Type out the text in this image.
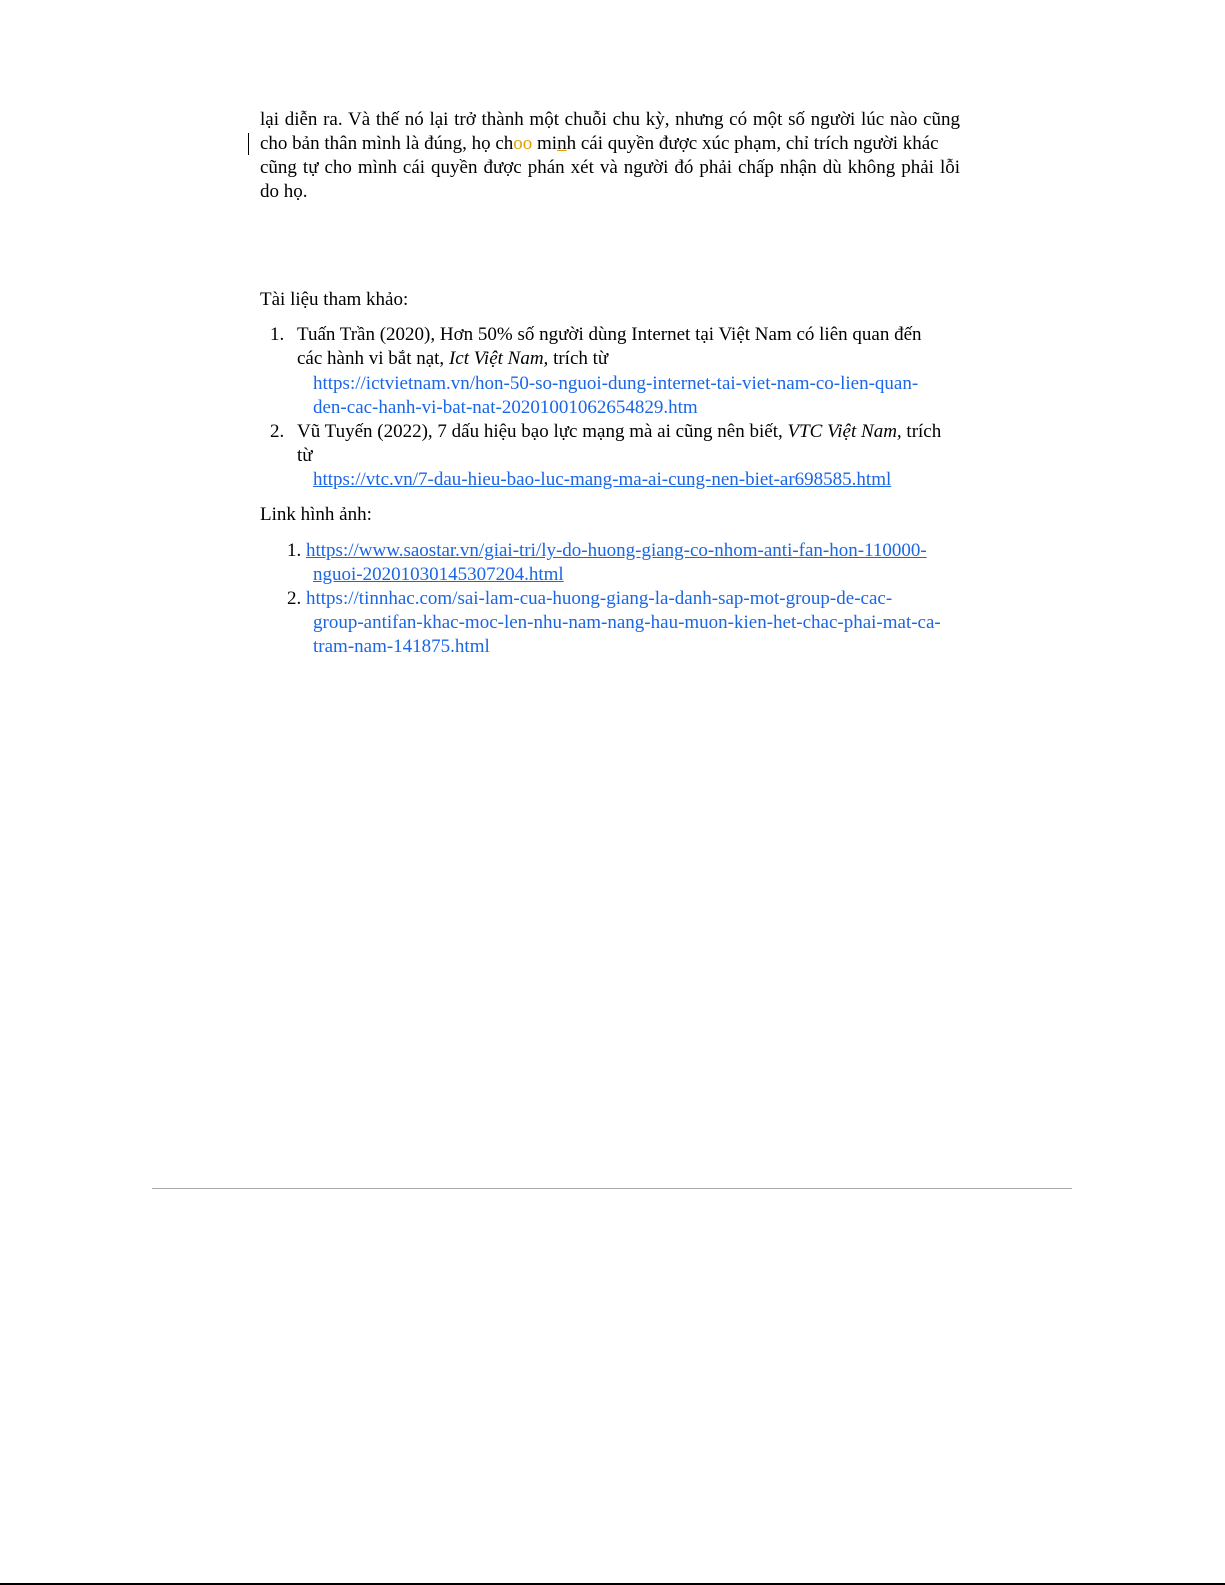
lại diễn ra. Và thế nó lại trở thành một chuỗi chu kỳ, nhưng có một số người lúc nào cũng
cho bản thân mình là đúng, họ choo minh cái quyền được xúc phạm, chỉ trích người khác
cũng tự cho mình cái quyền được phán xét và người đó phải chấp nhận dù không phải lỗi
do họ.
Tài liệu tham khảo:
1. Tuấn Trần (2020), Hơn 50% số người dùng Internet tại Việt Nam có liên quan đến
các hành vi bắt nạt, Ict Việt Nam, trích từ
https://ictvietnam.vn/hon-50-so-nguoi-dung-internet-tai-viet-nam-co-lien-quan-
den-cac-hanh-vi-bat-nat-20201001062654829.htm
2. Vũ Tuyến (2022), 7 dấu hiệu bạo lực mạng mà ai cũng nên biết, VTC Việt Nam, trích
từ
https://vtc.vn/7-dau-hieu-bao-luc-mang-ma-ai-cung-nen-biet-ar698585.html
Link hình ảnh:
1. https://www.saostar.vn/giai-tri/ly-do-huong-giang-co-nhom-anti-fan-hon-110000-
nguoi-20201030145307204.html
2. https://tinnhac.com/sai-lam-cua-huong-giang-la-danh-sap-mot-group-de-cac-
group-antifan-khac-moc-len-nhu-nam-nang-hau-muon-kien-het-chac-phai-mat-ca-
tram-nam-141875.html
